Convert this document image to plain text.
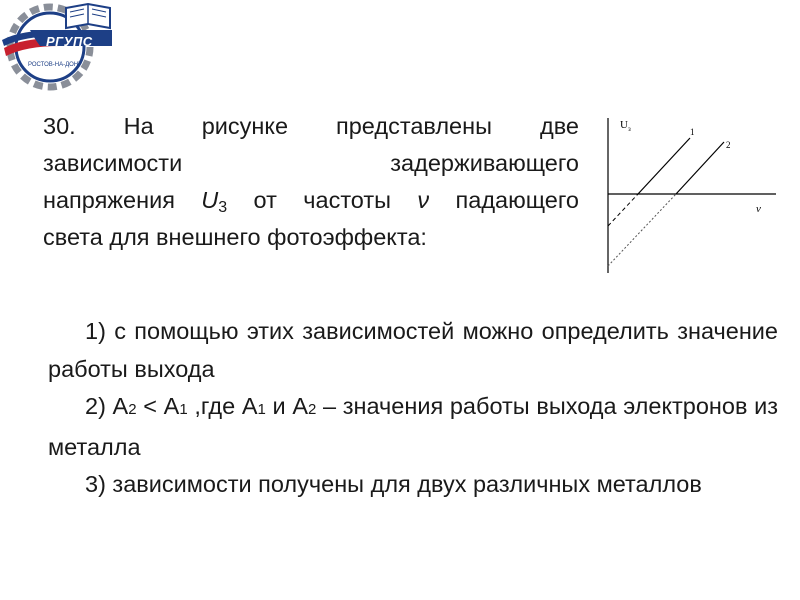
РГУПС
РОСТОВ-НА-ДОНУ
30. На рисунке представлены две
зависимости задерживающего
напряжения $U_3$ от частоты ν падающего
света для внешнего фотоэффекта:
U з
ν
1
2
1) с помощью этих зависимостей можно определить значение работы выхода
2) А2 < А1 ,где А1 и А2 – значения работы выхода электронов из металла
3) зависимости получены для двух различных металлов
